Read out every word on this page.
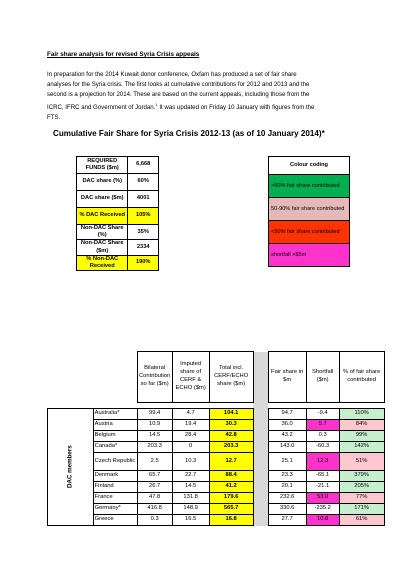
Fair share analysis for revised Syria Crisis appeals
In preparation for the 2014 Kuwait donor conference, Oxfam has produced a set of fair share
analyses for the Syria crisis. The first looks at cumulative contributions for 2012 and 2013 and the
second is a projection for 2014. These are based on the current appeals, including those from the
ICRC, IFRC and Government of Jordan.$^1$ It was updated on Friday 10 January with figures from the
FTS.
Cumulative Fair Share for Syria Crisis 2012-13 (as of 10 January 2014)*
REQUIRED FUNDS ($m)	6,668
DAC share (%)	60%
DAC share ($m)	4001
% DAC Received	105%
Non-DAC Share (%)	35%
Non-DAC Share ($m)	2334
% Non-DAC Received	190%
Colour coding
>90% fair share contributed
50-90% fair share contributed
<50% fair share contributed
shortfall >$5m
		Bilateral Contribution so far ($m)	Imputed share of CERF & ECHO ($m)	Total incl. CERF/ECHO share ($m)		Fair share in $m	Shortfall ($m)	% of fair share contributed

DAC members	Australia*	99.4	4.7	104.1		94.7	-9.4	110%
	Austria	10.9	19.4	30.3		36.0	5.7	84%
	Belgium	14.5	28.4	42.8		43.2	0.3	99%
	Canada*	203.3	0	203.3		143.0	-60.3	142%
	Czech Republic	2.5	10.3	12.7		25.1	12.3	51%
	Denmark	65.7	22.7	88.4		23.3	-65.1	379%
	Finland	26.7	14.5	41.2		20.1	-21.1	205%
	France	47.8	131.8	179.6		232.6	53.0	77%
	Germany*	416.8	148.9	565.7		330.6	-235.2	171%
	Greece	0.3	16.5	16.8		27.7	10.8	61%
